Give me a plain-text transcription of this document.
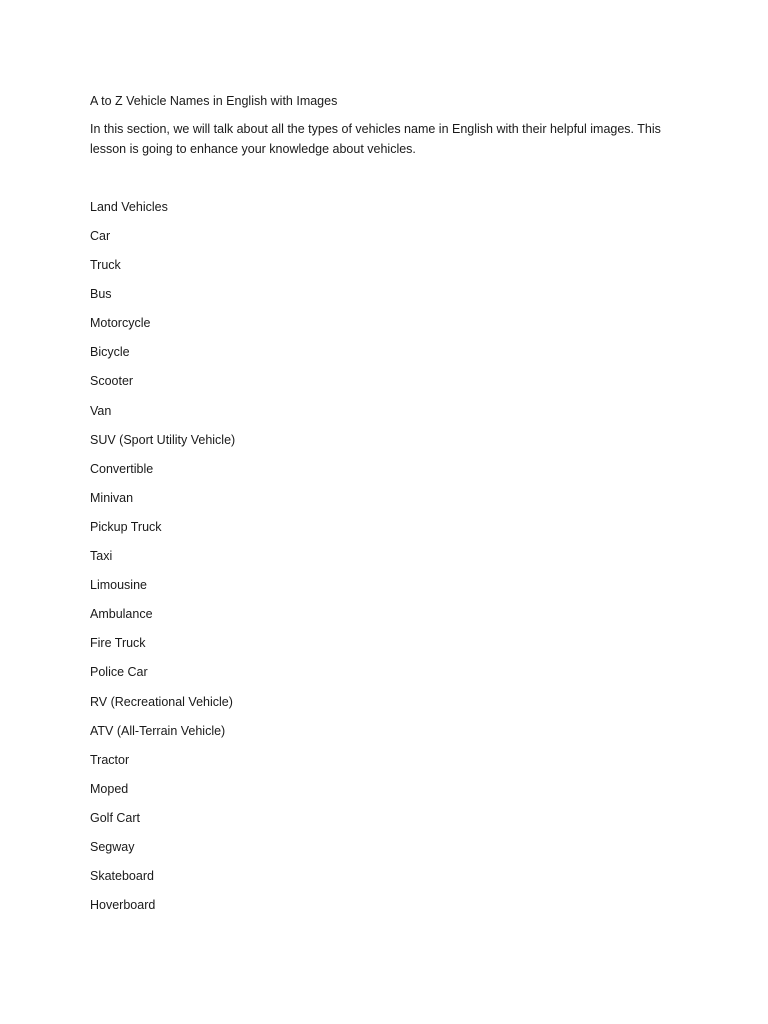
A to Z Vehicle Names in English with Images

In this section, we will talk about all the types of vehicles name in English with their helpful images. This lesson is going to enhance your knowledge about vehicles.

Land Vehicles
Car
Truck
Bus
Motorcycle
Bicycle
Scooter
Van
SUV (Sport Utility Vehicle)
Convertible
Minivan
Pickup Truck
Taxi
Limousine
Ambulance
Fire Truck
Police Car
RV (Recreational Vehicle)
ATV (All-Terrain Vehicle)
Tractor
Moped
Golf Cart
Segway
Skateboard
Hoverboard
